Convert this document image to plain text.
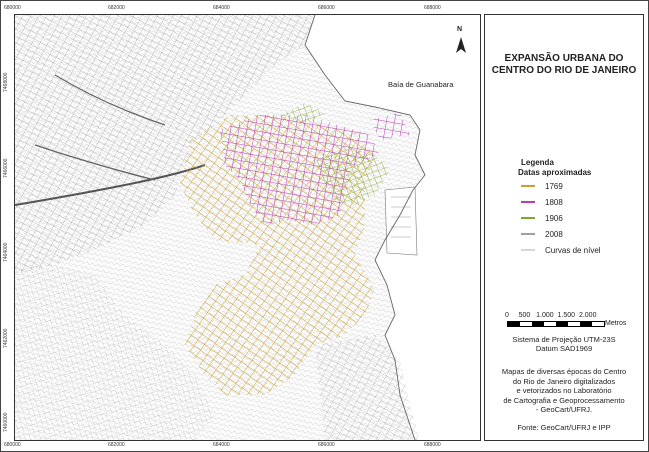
680000	682000	684000	686000	688000
680000	682000	684000	686000	688000
7468000
7466000
7464000
7462000
7460000
N
Baía de Guanabara
EXPANSÃO URBANA DO CENTRO DO RIO DE JANEIRO
Legenda
Datas aproximadas
1769
1808
1906
2008
Curvas de nível
0     500   1.000  1.500  2.000
Metros
Sistema de Projeção UTM-23S
Datum SAD1969
Mapas de diversas épocas do Centro
do Rio de Janeiro digitalizados
e vetorizados no Laboratório
de Cartografia e Geoprocessamento
- GeoCart/UFRJ.
Fonte: GeoCart/UFRJ e IPP
